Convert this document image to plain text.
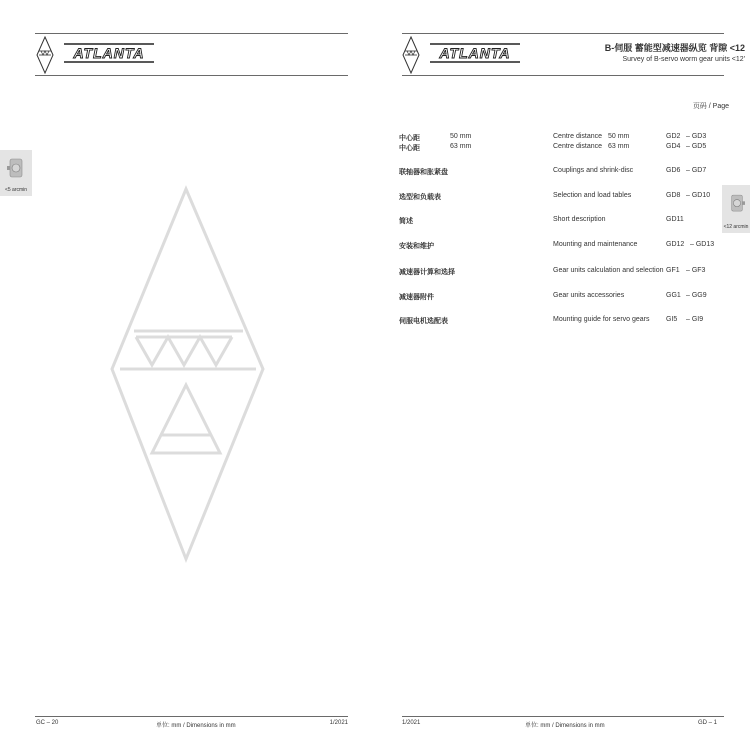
ATLANTA
<5 arcmin
GC – 20	单位: mm / Dimensions in mm	1/2021
ATLANTA	B-伺服 蓄能型减速器纵览 背隙 <12
Survey of B-servo worm gear units <12'
页码 / Page
中心距	50 mm	Centre distance 50 mm	GD2 – GD3
中心距	63 mm	Centre distance 63 mm	GD4 – GD5
联轴器和胀紧盘	Couplings and shrink-disc	GD6 – GD7
选型和负载表	Selection and load tables	GD8 – GD10
简述	Short description	GD11
安装和维护	Mounting and maintenance	GD12 – GD13
减速器计算和选择	Gear units calculation and selection GF1 – GF3
减速器附件	Gear units accessories	GG1 – GG9
伺服电机选配表	Mounting guide for servo gears GI5 – GI9
<12 arcmin
1/2021	单位: mm / Dimensions in mm	GD – 1
